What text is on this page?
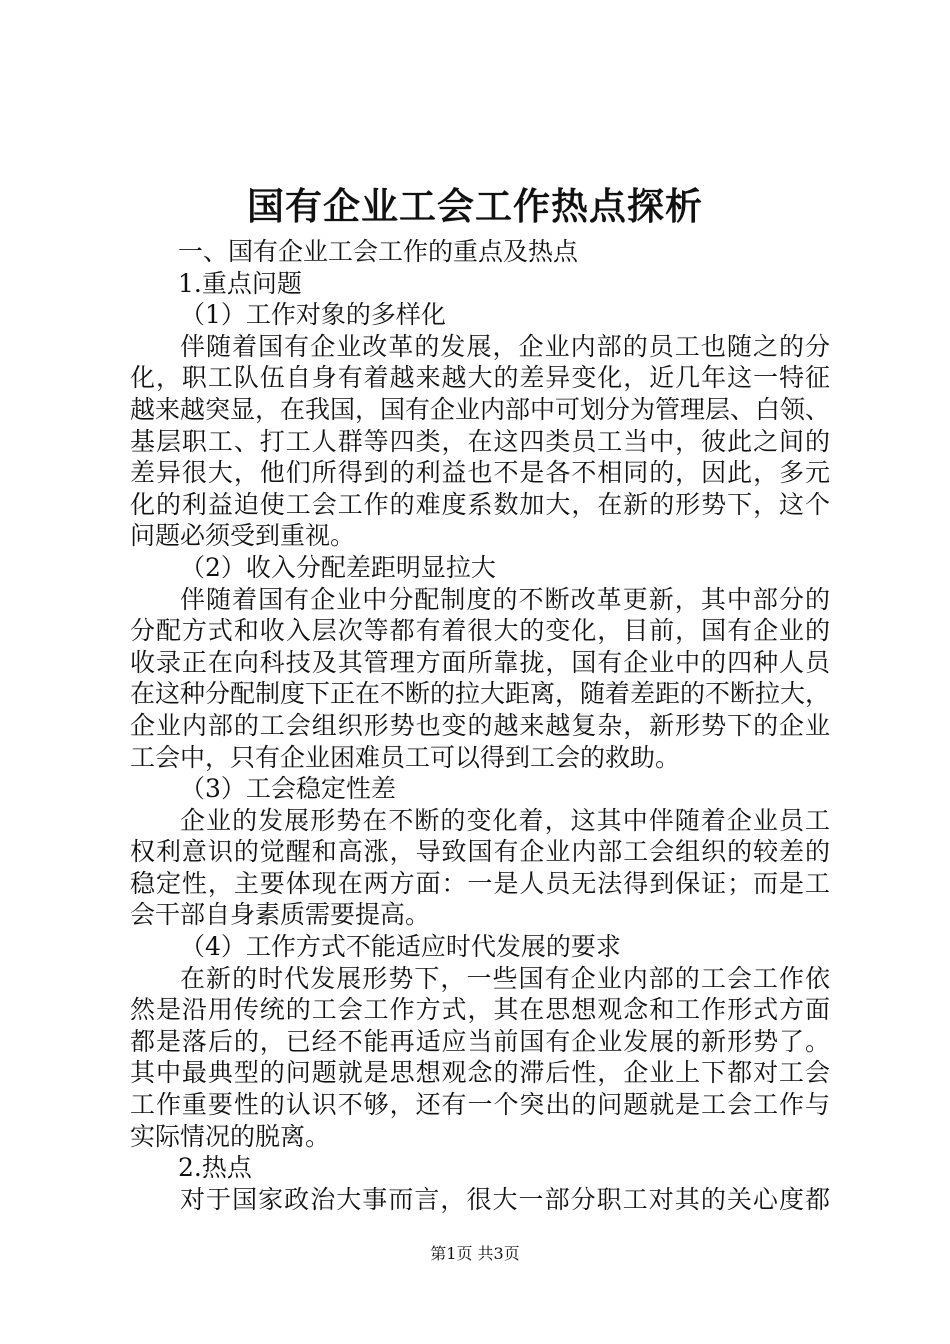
国有企业工会工作热点探析
一、国有企业工会工作的重点及热点
1.重点问题
（1）工作对象的多样化
伴随着国有企业改革的发展，企业内部的员工也随之的分
化，职工队伍自身有着越来越大的差异变化，近几年这一特征
越来越突显，在我国，国有企业内部中可划分为管理层、白领、
基层职工、打工人群等四类，在这四类员工当中，彼此之间的
差异很大，他们所得到的利益也不是各不相同的，因此，多元
化的利益迫使工会工作的难度系数加大，在新的形势下，这个
问题必须受到重视。
（2）收入分配差距明显拉大
伴随着国有企业中分配制度的不断改革更新，其中部分的
分配方式和收入层次等都有着很大的变化，目前，国有企业的
收录正在向科技及其管理方面所靠拢，国有企业中的四种人员
在这种分配制度下正在不断的拉大距离，随着差距的不断拉大，
企业内部的工会组织形势也变的越来越复杂，新形势下的企业
工会中，只有企业困难员工可以得到工会的救助。
（3）工会稳定性差
企业的发展形势在不断的变化着，这其中伴随着企业员工
权利意识的觉醒和高涨，导致国有企业内部工会组织的较差的
稳定性，主要体现在两方面：一是人员无法得到保证；而是工
会干部自身素质需要提高。
（4）工作方式不能适应时代发展的要求
在新的时代发展形势下，一些国有企业内部的工会工作依
然是沿用传统的工会工作方式，其在思想观念和工作形式方面
都是落后的，已经不能再适应当前国有企业发展的新形势了。
其中最典型的问题就是思想观念的滞后性，企业上下都对工会
工作重要性的认识不够，还有一个突出的问题就是工会工作与
实际情况的脱离。
2.热点
对于国家政治大事而言，很大一部分职工对其的关心度都
第1页 共3页
